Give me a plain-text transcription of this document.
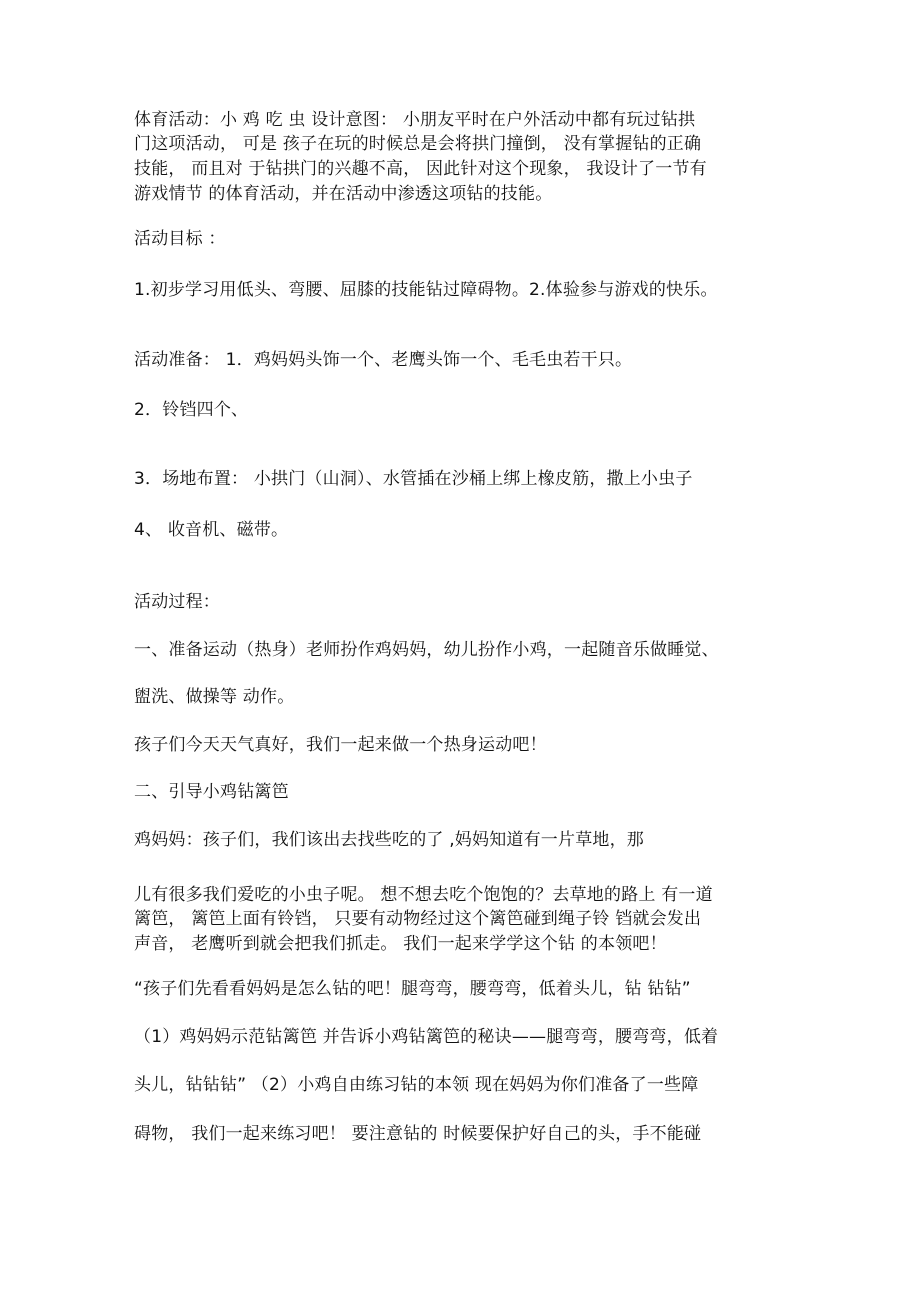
体育活动：小 鸡 吃 虫 设计意图： 小朋友平时在户外活动中都有玩过钻拱
门这项活动， 可是 孩子在玩的时候总是会将拱门撞倒， 没有掌握钻的正确
技能， 而且对 于钻拱门的兴趣不高， 因此针对这个现象， 我设计了一节有
游戏情节 的体育活动，并在活动中渗透这项钻的技能。
活动目标 ：
1.初步学习用低头、弯腰、屈膝的技能钻过障碍物。2.体验参与游戏的快乐。
活动准备： 1．鸡妈妈头饰一个、老鹰头饰一个、毛毛虫若干只。
2．铃铛四个、
3．场地布置： 小拱门（山洞）、水管插在沙桶上绑上橡皮筋，撒上小虫子
4、 收音机、磁带。
活动过程：
一、准备运动（热身）老师扮作鸡妈妈，幼儿扮作小鸡，一起随音乐做睡觉、
盥洗、做操等 动作。
孩子们今天天气真好，我们一起来做一个热身运动吧！
二、引导小鸡钻篱笆
鸡妈妈：孩子们，我们该出去找些吃的了 ,妈妈知道有一片草地，那
儿有很多我们爱吃的小虫子呢。 想不想去吃个饱饱的？去草地的路上 有一道
篱笆， 篱笆上面有铃铛， 只要有动物经过这个篱笆碰到绳子铃 铛就会发出
声音， 老鹰听到就会把我们抓走。 我们一起来学学这个钻 的本领吧！
“孩子们先看看妈妈是怎么钻的吧！腿弯弯，腰弯弯，低着头儿，钻 钻钻”
（1）鸡妈妈示范钻篱笆 并告诉小鸡钻篱笆的秘诀——腿弯弯，腰弯弯，低着
头儿，钻钻钻” （2）小鸡自由练习钻的本领 现在妈妈为你们准备了一些障
碍物， 我们一起来练习吧！ 要注意钻的 时候要保护好自己的头，手不能碰
